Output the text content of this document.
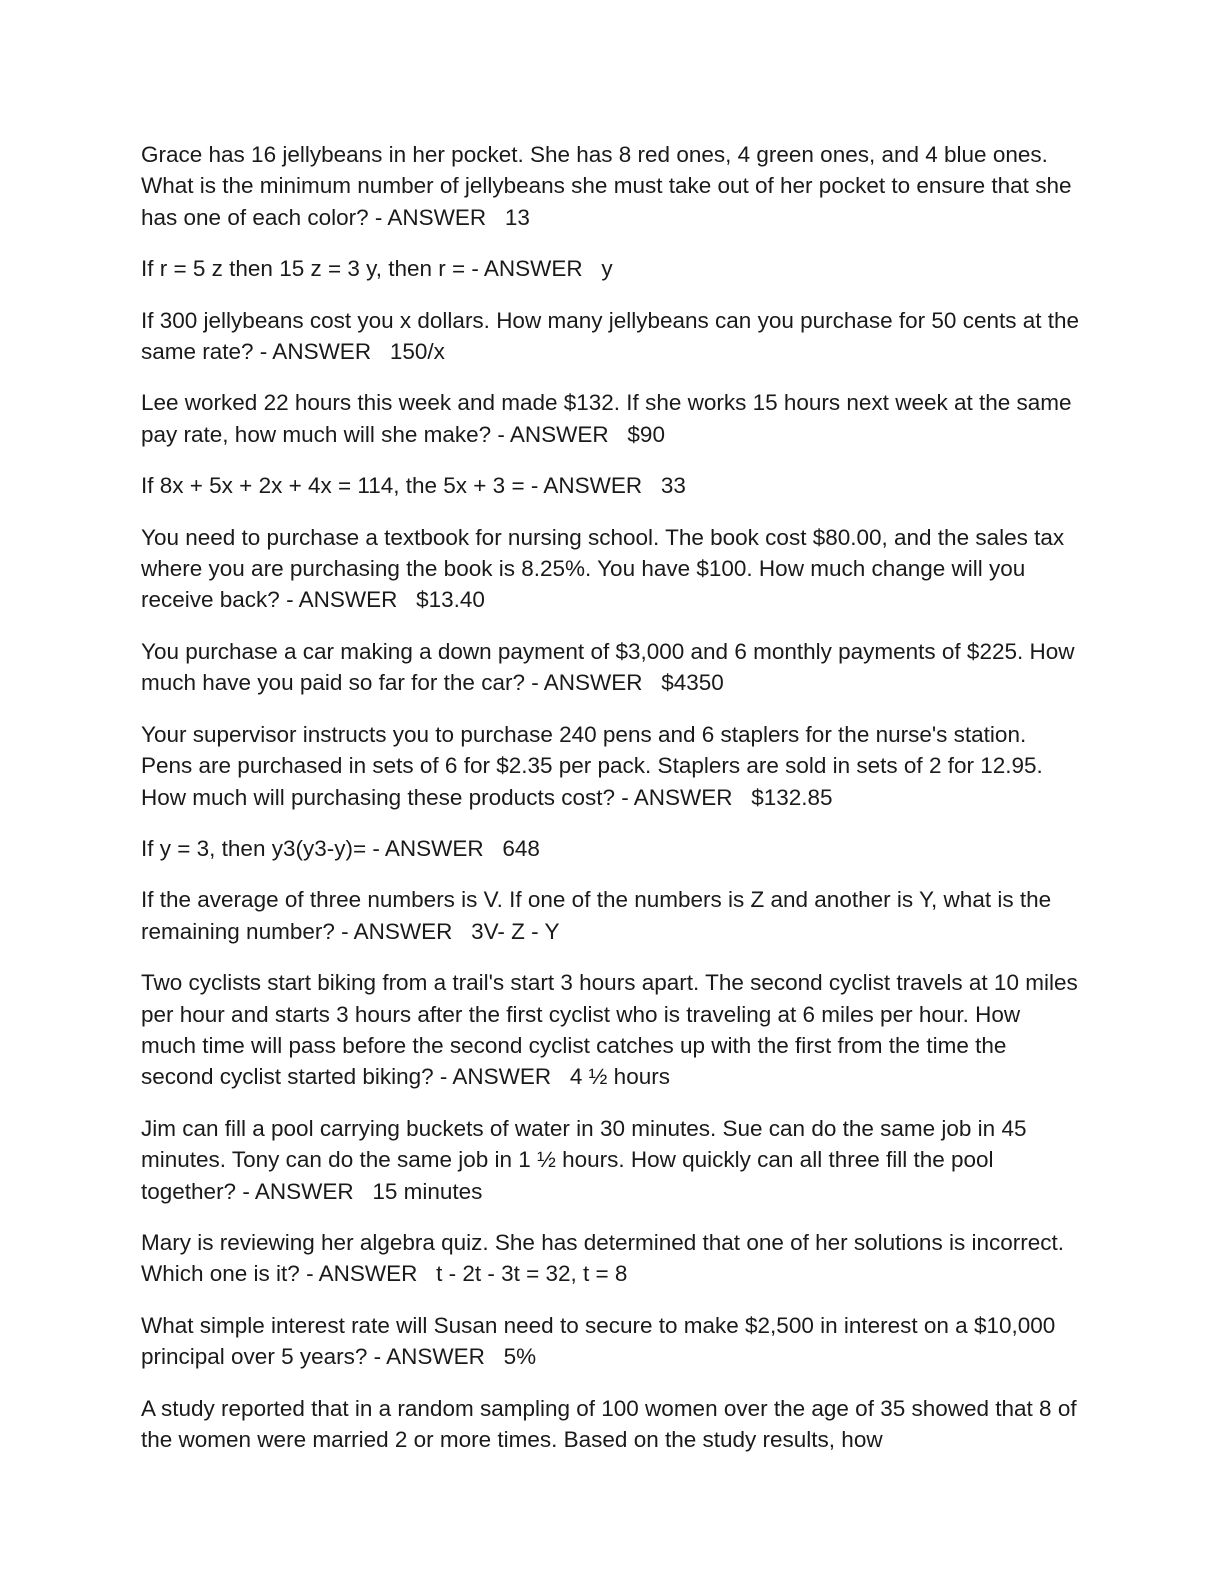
Grace has 16 jellybeans in her pocket. She has 8 red ones, 4 green ones, and 4 blue ones. What is the minimum number of jellybeans she must take out of her pocket to ensure that she has one of each color? - ANSWER   13

If r = 5 z then 15 z = 3 y, then r = - ANSWER   y

If 300 jellybeans cost you x dollars. How many jellybeans can you purchase for 50 cents at the same rate? - ANSWER   150/x

Lee worked 22 hours this week and made $132. If she works 15 hours next week at the same pay rate, how much will she make? - ANSWER   $90

If 8x + 5x + 2x + 4x = 114, the 5x + 3 = - ANSWER   33

You need to purchase a textbook for nursing school. The book cost $80.00, and the sales tax where you are purchasing the book is 8.25%. You have $100. How much change will you receive back? - ANSWER   $13.40

You purchase a car making a down payment of $3,000 and 6 monthly payments of $225. How much have you paid so far for the car? - ANSWER   $4350

Your supervisor instructs you to purchase 240 pens and 6 staplers for the nurse's station. Pens are purchased in sets of 6 for $2.35 per pack. Staplers are sold in sets of 2 for 12.95. How much will purchasing these products cost? - ANSWER   $132.85

If y = 3, then y3(y3-y)= - ANSWER   648

If the average of three numbers is V. If one of the numbers is Z and another is Y, what is the remaining number? - ANSWER   3V- Z - Y

Two cyclists start biking from a trail's start 3 hours apart. The second cyclist travels at 10 miles per hour and starts 3 hours after the first cyclist who is traveling at 6 miles per hour. How much time will pass before the second cyclist catches up with the first from the time the second cyclist started biking? - ANSWER   4 ½ hours

Jim can fill a pool carrying buckets of water in 30 minutes. Sue can do the same job in 45 minutes. Tony can do the same job in 1 ½ hours. How quickly can all three fill the pool together? - ANSWER   15 minutes

Mary is reviewing her algebra quiz. She has determined that one of her solutions is incorrect. Which one is it? - ANSWER   t - 2t - 3t = 32, t = 8

What simple interest rate will Susan need to secure to make $2,500 in interest on a $10,000 principal over 5 years? - ANSWER   5%

A study reported that in a random sampling of 100 women over the age of 35 showed that 8 of the women were married 2 or more times. Based on the study results, how
